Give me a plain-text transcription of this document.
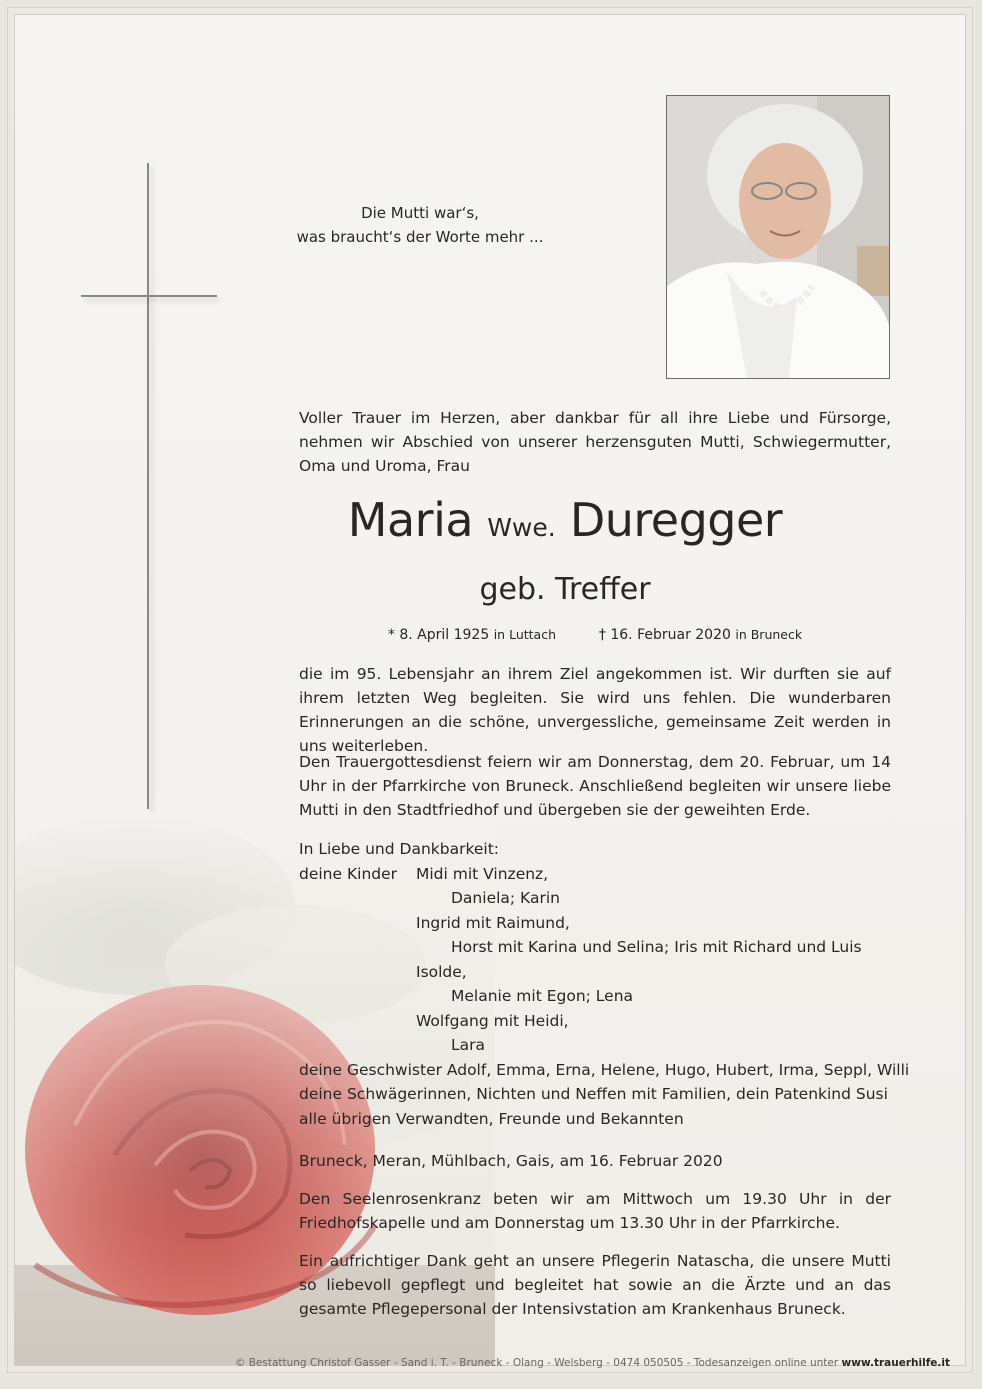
Die Mutti war‘s,
was braucht‘s der Worte mehr ...
Voller Trauer im Herzen, aber dankbar für all ihre Liebe und Fürsorge, nehmen wir Abschied von unserer herzensguten Mutti, Schwiegermutter, Oma und Uroma, Frau
Maria Wwe. Duregger
geb. Treffer
* 8. April 1925 in Luttach	† 16. Februar 2020 in Bruneck
die im 95. Lebensjahr an ihrem Ziel angekommen ist. Wir durften sie auf ihrem letzten Weg begleiten. Sie wird uns fehlen. Die wunderbaren Erinnerungen an die schöne, unvergessliche, gemeinsame Zeit werden in uns weiterleben.
Den Trauergottesdienst feiern wir am Donnerstag, dem 20. Februar, um 14 Uhr in der Pfarrkirche von Bruneck. Anschließend begleiten wir unsere liebe Mutti in den Stadtfriedhof und übergeben sie der geweihten Erde.
In Liebe und Dankbarkeit:
deine Kinder Midi mit Vinzenz,
Daniela; Karin
Ingrid mit Raimund,
Horst mit Karina und Selina; Iris mit Richard und Luis
Isolde,
Melanie mit Egon; Lena
Wolfgang mit Heidi,
Lara
deine Geschwister Adolf, Emma, Erna, Helene, Hugo, Hubert, Irma, Seppl, Willi
deine Schwägerinnen, Nichten und Neffen mit Familien, dein Patenkind Susi
alle übrigen Verwandten, Freunde und Bekannten
Bruneck, Meran, Mühlbach, Gais, am 16. Februar 2020
Den Seelenrosenkranz beten wir am Mittwoch um 19.30 Uhr in der Friedhofskapelle und am Donnerstag um 13.30 Uhr in der Pfarrkirche.
Ein aufrichtiger Dank geht an unsere Pflegerin Natascha, die unsere Mutti so liebevoll gepflegt und begleitet hat sowie an die Ärzte und an das gesamte Pflegepersonal der Intensivstation am Krankenhaus Bruneck.
© Bestattung Christof Gasser - Sand i. T. - Bruneck - Olang - Welsberg - 0474 050505 - Todesanzeigen online unter www.trauerhilfe.it
